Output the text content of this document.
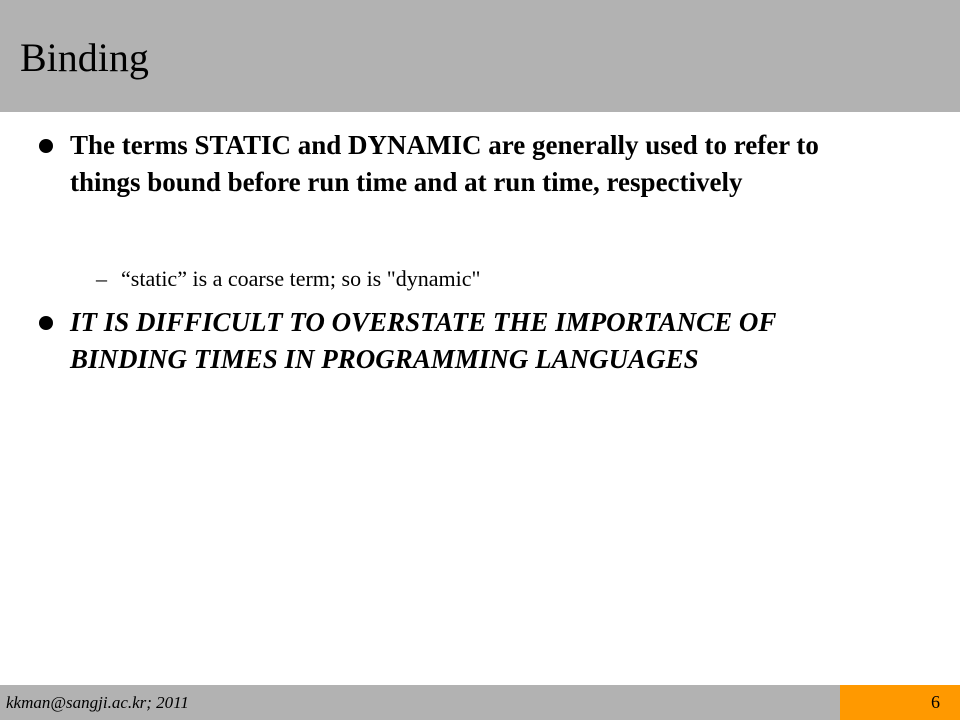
Binding
The terms STATIC and DYNAMIC are generally used to refer to things bound before run time and at run time, respectively
– “static” is a coarse term; so is "dynamic"
IT IS DIFFICULT TO OVERSTATE THE IMPORTANCE OF BINDING TIMES IN PROGRAMMING LANGUAGES
kkman@sangji.ac.kr; 2011	6
